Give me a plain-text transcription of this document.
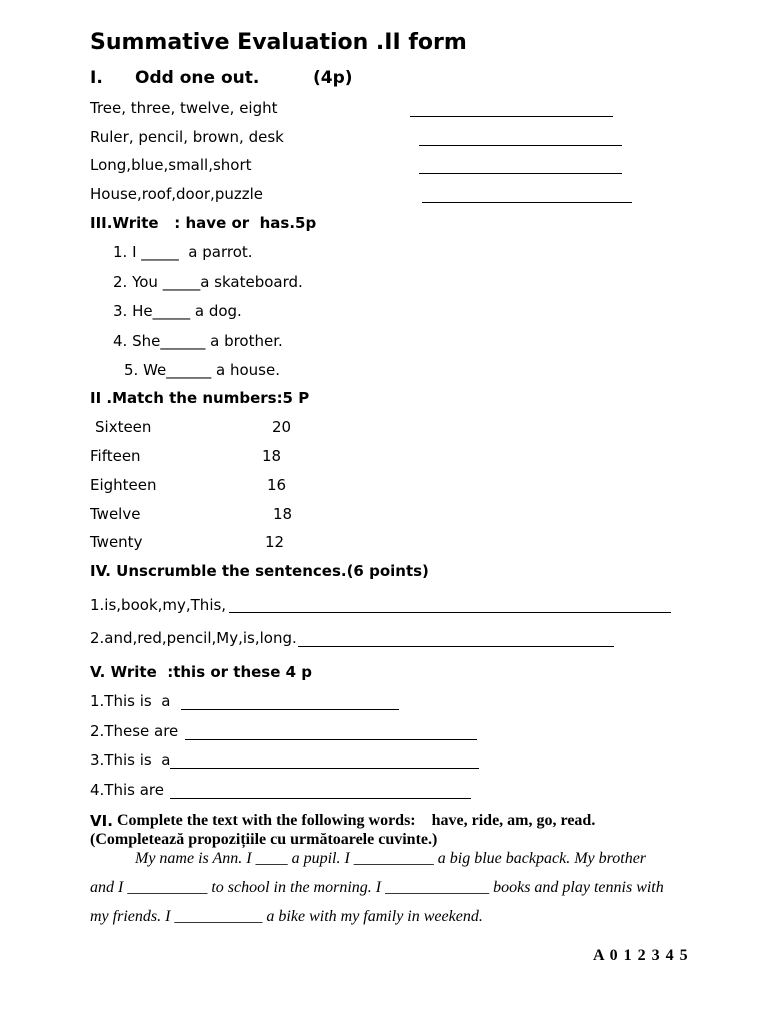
Summative Evaluation .II form
I. Odd one out.	(4p)
Tree, three, twelve, eight
Ruler, pencil, brown, desk
Long,blue,small,short
House,roof,door,puzzle
III.Write   : have or  has.5p
1. I _____  a parrot.
2. You _____a skateboard.
3. He_____ a dog.
4. She______ a brother.
5. We______ a house.
II .Match the numbers:5 P
Sixteen	20
Fifteen	18
Eighteen	16
Twelve	18
Twenty	12
IV. Unscrumble the sentences.(6 points)
1.is,book,my,This,
2.and,red,pencil,My,is,long.
V. Write  :this or these 4 p
1.This is  a
2.These are
3.This is  a
4.This are
VI. Complete the text with the following words:    have, ride, am, go, read.
(Completează propozițiile cu următoarele cuvinte.)
My name is Ann. I ____ a pupil. I __________ a big blue backpack. My brother
and I __________ to school in the morning. I _____________ books and play tennis with
my friends. I ___________ a bike with my family in weekend.
A 0 1 2 3 4 5
